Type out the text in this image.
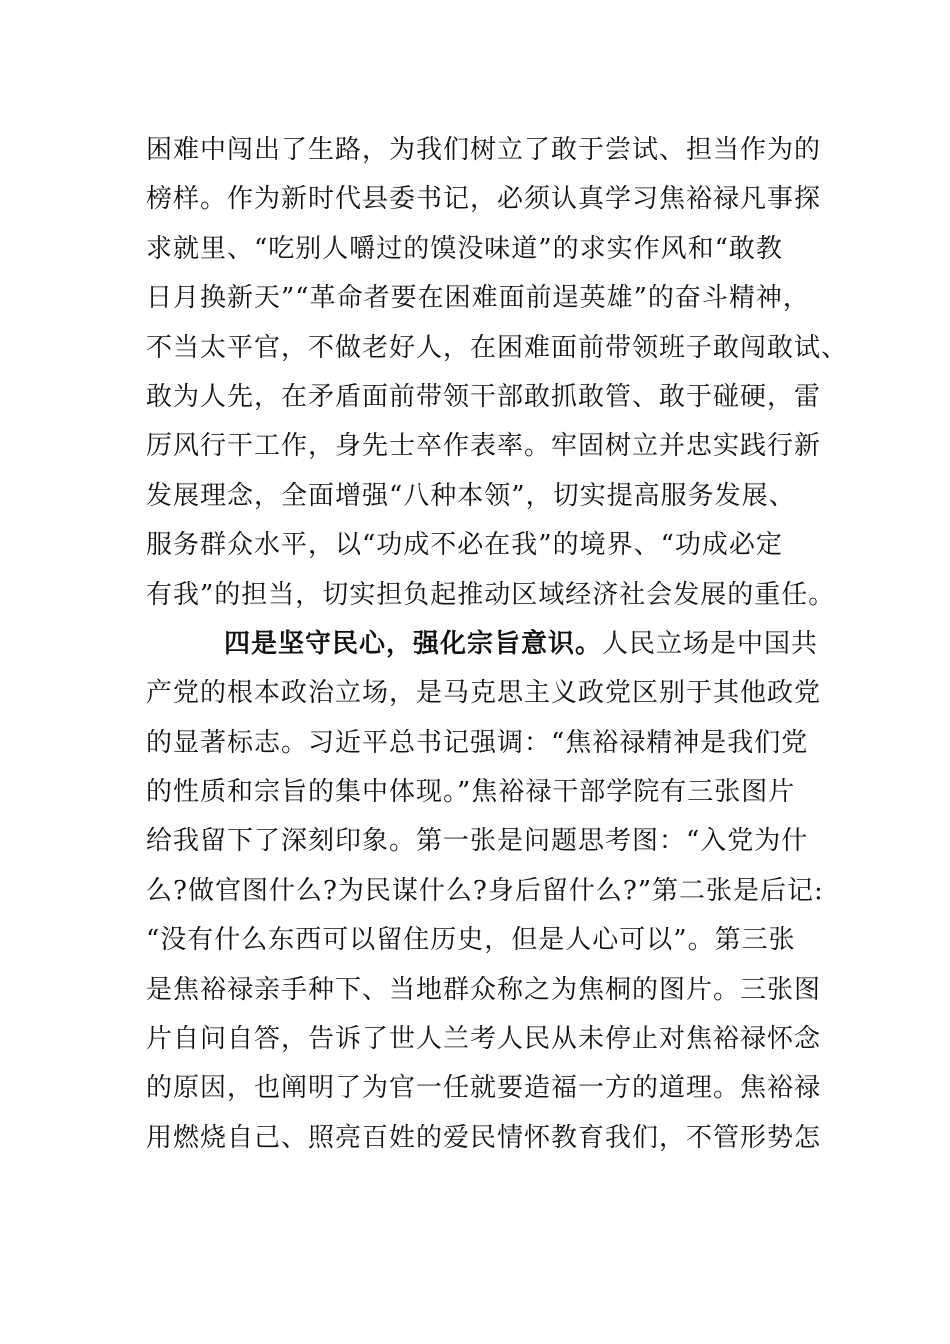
困难中闯出了生路，为我们树立了敢于尝试、担当作为的
榜样。作为新时代县委书记，必须认真学习焦裕禄凡事探
求就里、“吃别人嚼过的馍没味道”的求实作风和“敢教
日月换新天”“革命者要在困难面前逞英雄”的奋斗精神，
不当太平官，不做老好人，在困难面前带领班子敢闯敢试、
敢为人先，在矛盾面前带领干部敢抓敢管、敢于碰硬，雷
厉风行干工作，身先士卒作表率。牢固树立并忠实践行新
发展理念，全面增强“八种本领”，切实提高服务发展、
服务群众水平，以“功成不必在我”的境界、“功成必定
有我”的担当，切实担负起推动区域经济社会发展的重任。
四是坚守民心，强化宗旨意识。人民立场是中国共
产党的根本政治立场，是马克思主义政党区别于其他政党
的显著标志。习近平总书记强调：“焦裕禄精神是我们党
的性质和宗旨的集中体现。”焦裕禄干部学院有三张图片
给我留下了深刻印象。第一张是问题思考图：“入党为什
么?做官图什么?为民谋什么?身后留什么?”第二张是后记:
“没有什么东西可以留住历史，但是人心可以”。第三张
是焦裕禄亲手种下、当地群众称之为焦桐的图片。三张图
片自问自答，告诉了世人兰考人民从未停止对焦裕禄怀念
的原因，也阐明了为官一任就要造福一方的道理。焦裕禄
用燃烧自己、照亮百姓的爱民情怀教育我们，不管形势怎
